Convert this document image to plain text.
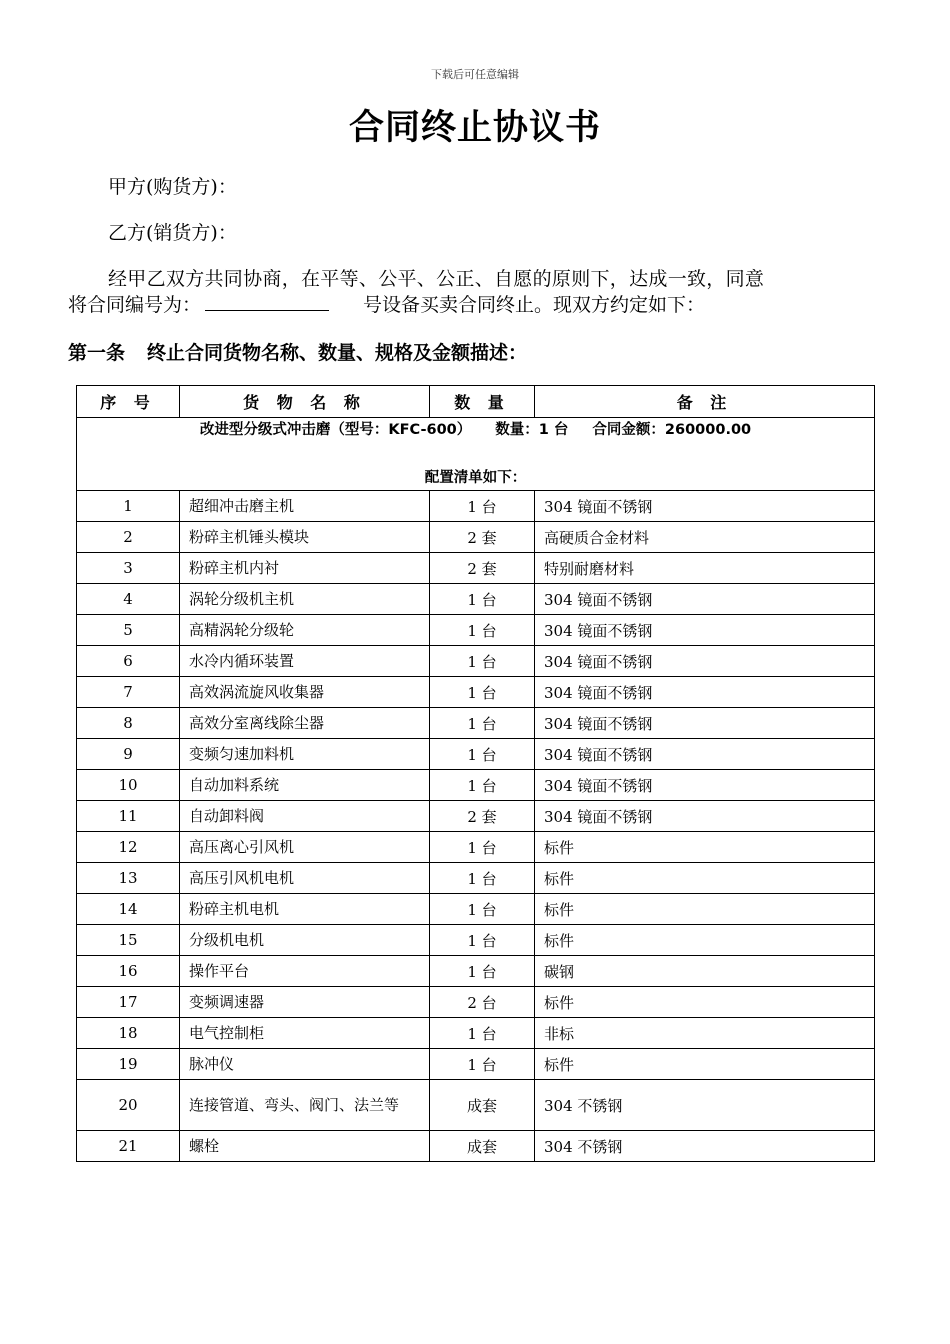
下载后可任意编辑
合同终止协议书
甲方(购货方)：
乙方(销货方)：
经甲乙双方共同协商，在平等、公平、公正、自愿的原则下，达成一致，同意
将合同编号为：	号设备买卖合同终止。现双方约定如下：
第一条 终止合同货物名称、数量、规格及金额描述：
序 号	货 物 名 称	数 量	备 注

改进型分级式冲击磨（型号：KFC-600） 数量：1 台 合同金额：260000.00
配置清单如下：			

1	超细冲击磨主机	1 台	304 镜面不锈钢
2	粉碎主机锤头模块	2 套	高硬质合金材料
3	粉碎主机内衬	2 套	特别耐磨材料
4	涡轮分级机主机	1 台	304 镜面不锈钢
5	高精涡轮分级轮	1 台	304 镜面不锈钢
6	水冷内循环装置	1 台	304 镜面不锈钢
7	高效涡流旋风收集器	1 台	304 镜面不锈钢
8	高效分室离线除尘器	1 台	304 镜面不锈钢
9	变频匀速加料机	1 台	304 镜面不锈钢
10	自动加料系统	1 台	304 镜面不锈钢
11	自动卸料阀	2 套	304 镜面不锈钢
12	高压离心引风机	1 台	标件
13	高压引风机电机	1 台	标件
14	粉碎主机电机	1 台	标件
15	分级机电机	1 台	标件
16	操作平台	1 台	碳钢
17	变频调速器	2 台	标件
18	电气控制柜	1 台	非标
19	脉冲仪	1 台	标件
20	连接管道、弯头、阀门、法兰等	成套	304 不锈钢
21	螺栓	成套	304 不锈钢
